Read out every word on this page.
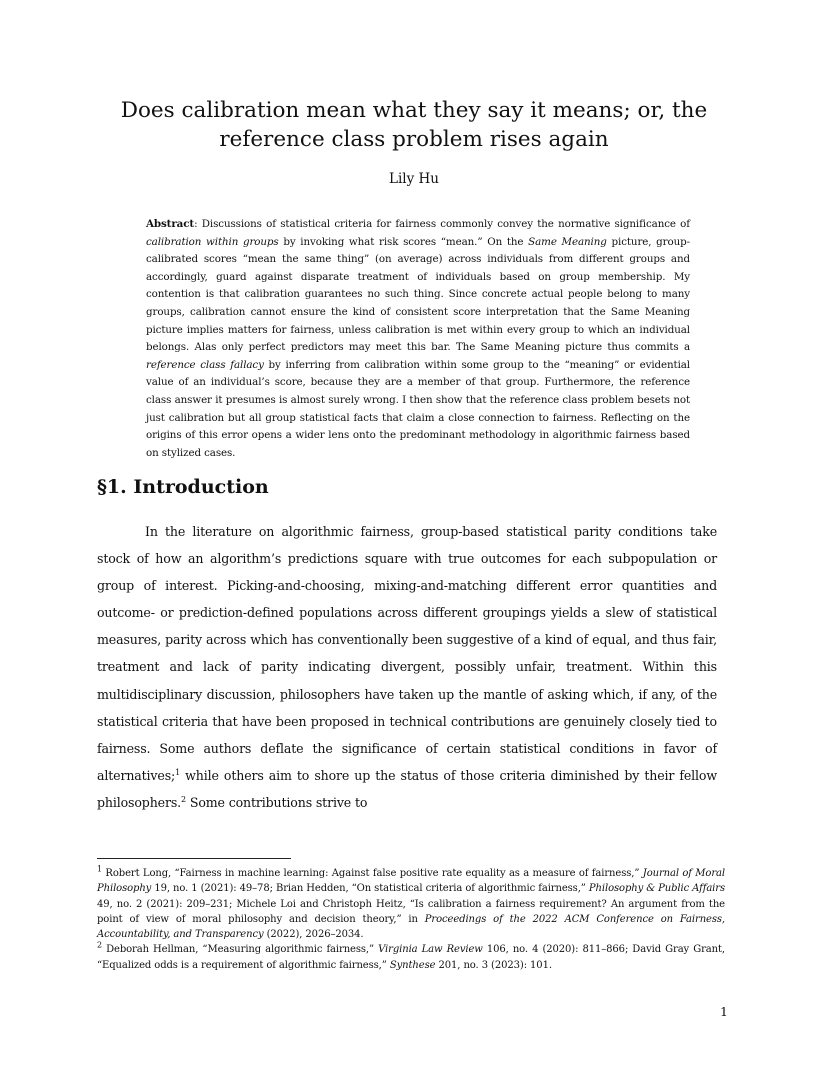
Does calibration mean what they say it means; or, the reference class problem rises again
Lily Hu
Abstract: Discussions of statistical criteria for fairness commonly convey the normative significance of calibration within groups by invoking what risk scores “mean.” On the Same Meaning picture, group-calibrated scores “mean the same thing” (on average) across individuals from different groups and accordingly, guard against disparate treatment of individuals based on group membership. My contention is that calibration guarantees no such thing. Since concrete actual people belong to many groups, calibration cannot ensure the kind of consistent score interpretation that the Same Meaning picture implies matters for fairness, unless calibration is met within every group to which an individual belongs. Alas only perfect predictors may meet this bar. The Same Meaning picture thus commits a reference class fallacy by inferring from calibration within some group to the “meaning” or evidential value of an individual’s score, because they are a member of that group. Furthermore, the reference class answer it presumes is almost surely wrong. I then show that the reference class problem besets not just calibration but all group statistical facts that claim a close connection to fairness. Reflecting on the origins of this error opens a wider lens onto the predominant methodology in algorithmic fairness based on stylized cases.
§1. Introduction
In the literature on algorithmic fairness, group-based statistical parity conditions take stock of how an algorithm’s predictions square with true outcomes for each subpopulation or group of interest. Picking-and-choosing, mixing-and-matching different error quantities and outcome- or prediction-defined populations across different groupings yields a slew of statistical measures, parity across which has conventionally been suggestive of a kind of equal, and thus fair, treatment and lack of parity indicating divergent, possibly unfair, treatment. Within this multidisciplinary discussion, philosophers have taken up the mantle of asking which, if any, of the statistical criteria that have been proposed in technical contributions are genuinely closely tied to fairness. Some authors deflate the significance of certain statistical conditions in favor of alternatives;$^1$ while others aim to shore up the status of those criteria diminished by their fellow philosophers.$^2$ Some contributions strive to

$^1$ Robert Long, “Fairness in machine learning: Against false positive rate equality as a measure of fairness,” Journal of Moral Philosophy 19, no. 1 (2021): 49–78; Brian Hedden, “On statistical criteria of algorithmic fairness,” Philosophy & Public Affairs 49, no. 2 (2021): 209–231; Michele Loi and Christoph Heitz, “Is calibration a fairness requirement? An argument from the point of view of moral philosophy and decision theory,” in Proceedings of the 2022 ACM Conference on Fairness, Accountability, and Transparency (2022), 2026–2034.

$^2$ Deborah Hellman, “Measuring algorithmic fairness,” Virginia Law Review 106, no. 4 (2020): 811–866; David Gray Grant, “Equalized odds is a requirement of algorithmic fairness,” Synthese 201, no. 3 (2023): 101.

1
